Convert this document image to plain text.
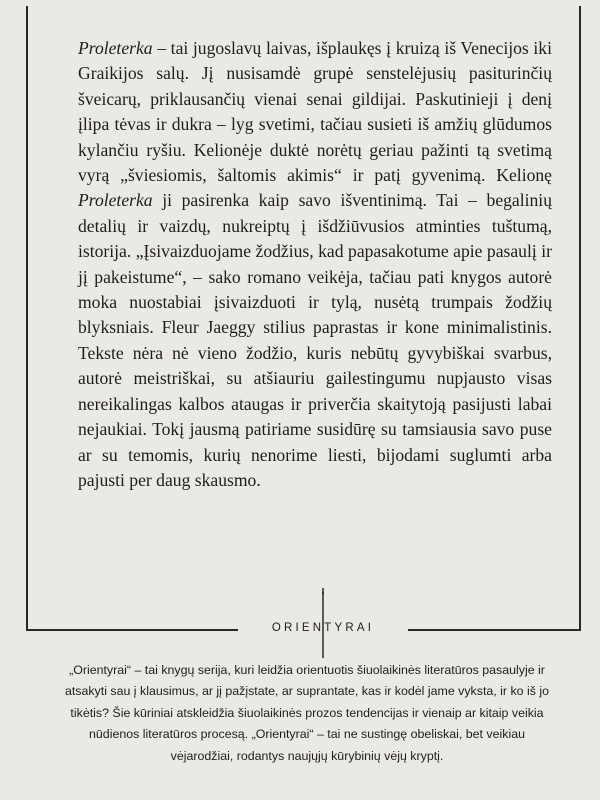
Proleterka – tai jugoslavų laivas, išplaukęs į kruizą iš Venecijos iki Graikijos salų. Jį nusisamdė grupė senstelėjusių pasiturinčių šveicarų, priklausančių vienai senai gildijai. Paskutinieji į denį įlipa tėvas ir dukra – lyg svetimi, tačiau susieti iš amžių glūdumos kylančiu ryšiu. Kelionėje duktė norėtų geriau pažinti tą svetimą vyrą „šviesiomis, šaltomis akimis“ ir patį gyvenimą. Kelionę Proleterka ji pasirenka kaip savo išventinimą. Tai – begalinių detalių ir vaizdų, nukreiptų į išdžiūvusios atminties tuštumą, istorija. „Įsivaizduojame žodžius, kad papasakotume apie pasaulį ir jį pakeistume“, – sako romano veikėja, tačiau pati knygos autorė moka nuostabiai įsivaizduoti ir tylą, nusėtą trumpais žodžių blyksniais. Fleur Jaeggy stilius paprastas ir kone minimalistinis. Tekste nėra nė vieno žodžio, kuris nebūtų gyvybiškai svarbus, autorė meistriškai, su atšiauriu gailestingumu nupjausto visas nereikalingas kalbos ataugas ir priverčia skaitytoją pasijusti labai nejaukiai. Tokį jausmą patiriame susidūrę su tamsiausia savo puse ar su temomis, kurių nenorime liesti, bijodami suglumti arba pajusti per daug skausmo.

ORIENTYRAI

„Orientyrai“ – tai knygų serija, kuri leidžia orientuotis šiuolaikinės literatūros pasaulyje ir atsakyti sau į klausimus, ar jį pažįstate, ar suprantate, kas ir kodėl jame vyksta, ir ko iš jo tikėtis? Šie kūriniai atskleidžia šiuolaikinės prozos tendencijas ir vienaip ar kitaip veikia nūdienos literatūros procesą. „Orientyrai“ – tai ne sustingę obeliskai, bet veikiau vėjarodžiai, rodantys naujųjų kūrybinių vėjų kryptį.
